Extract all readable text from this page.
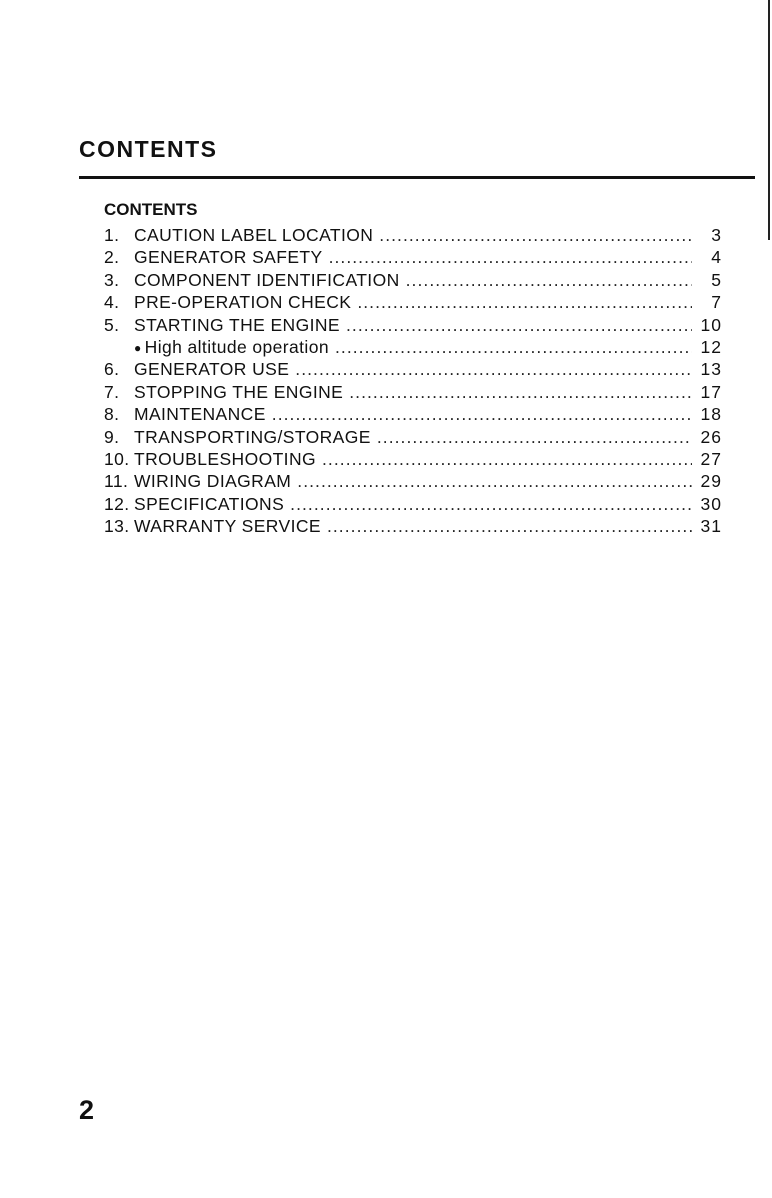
CONTENTS
CONTENTS
1. CAUTION LABEL LOCATION . . .	3
2. GENERATOR SAFETY . . .	4
3. COMPONENT IDENTIFICATION . . .	5
4. PRE-OPERATION CHECK . . .	7
5. STARTING THE ENGINE . . .	10
● High altitude operation . . .	12
6. GENERATOR USE . . .	13
7. STOPPING THE ENGINE . . .	17
8. MAINTENANCE . . .	18
9. TRANSPORTING/STORAGE . . .	26
10. TROUBLESHOOTING . . .	27
11. WIRING DIAGRAM . . .	29
12. SPECIFICATIONS . . .	30
13. WARRANTY SERVICE . . .	31
2
